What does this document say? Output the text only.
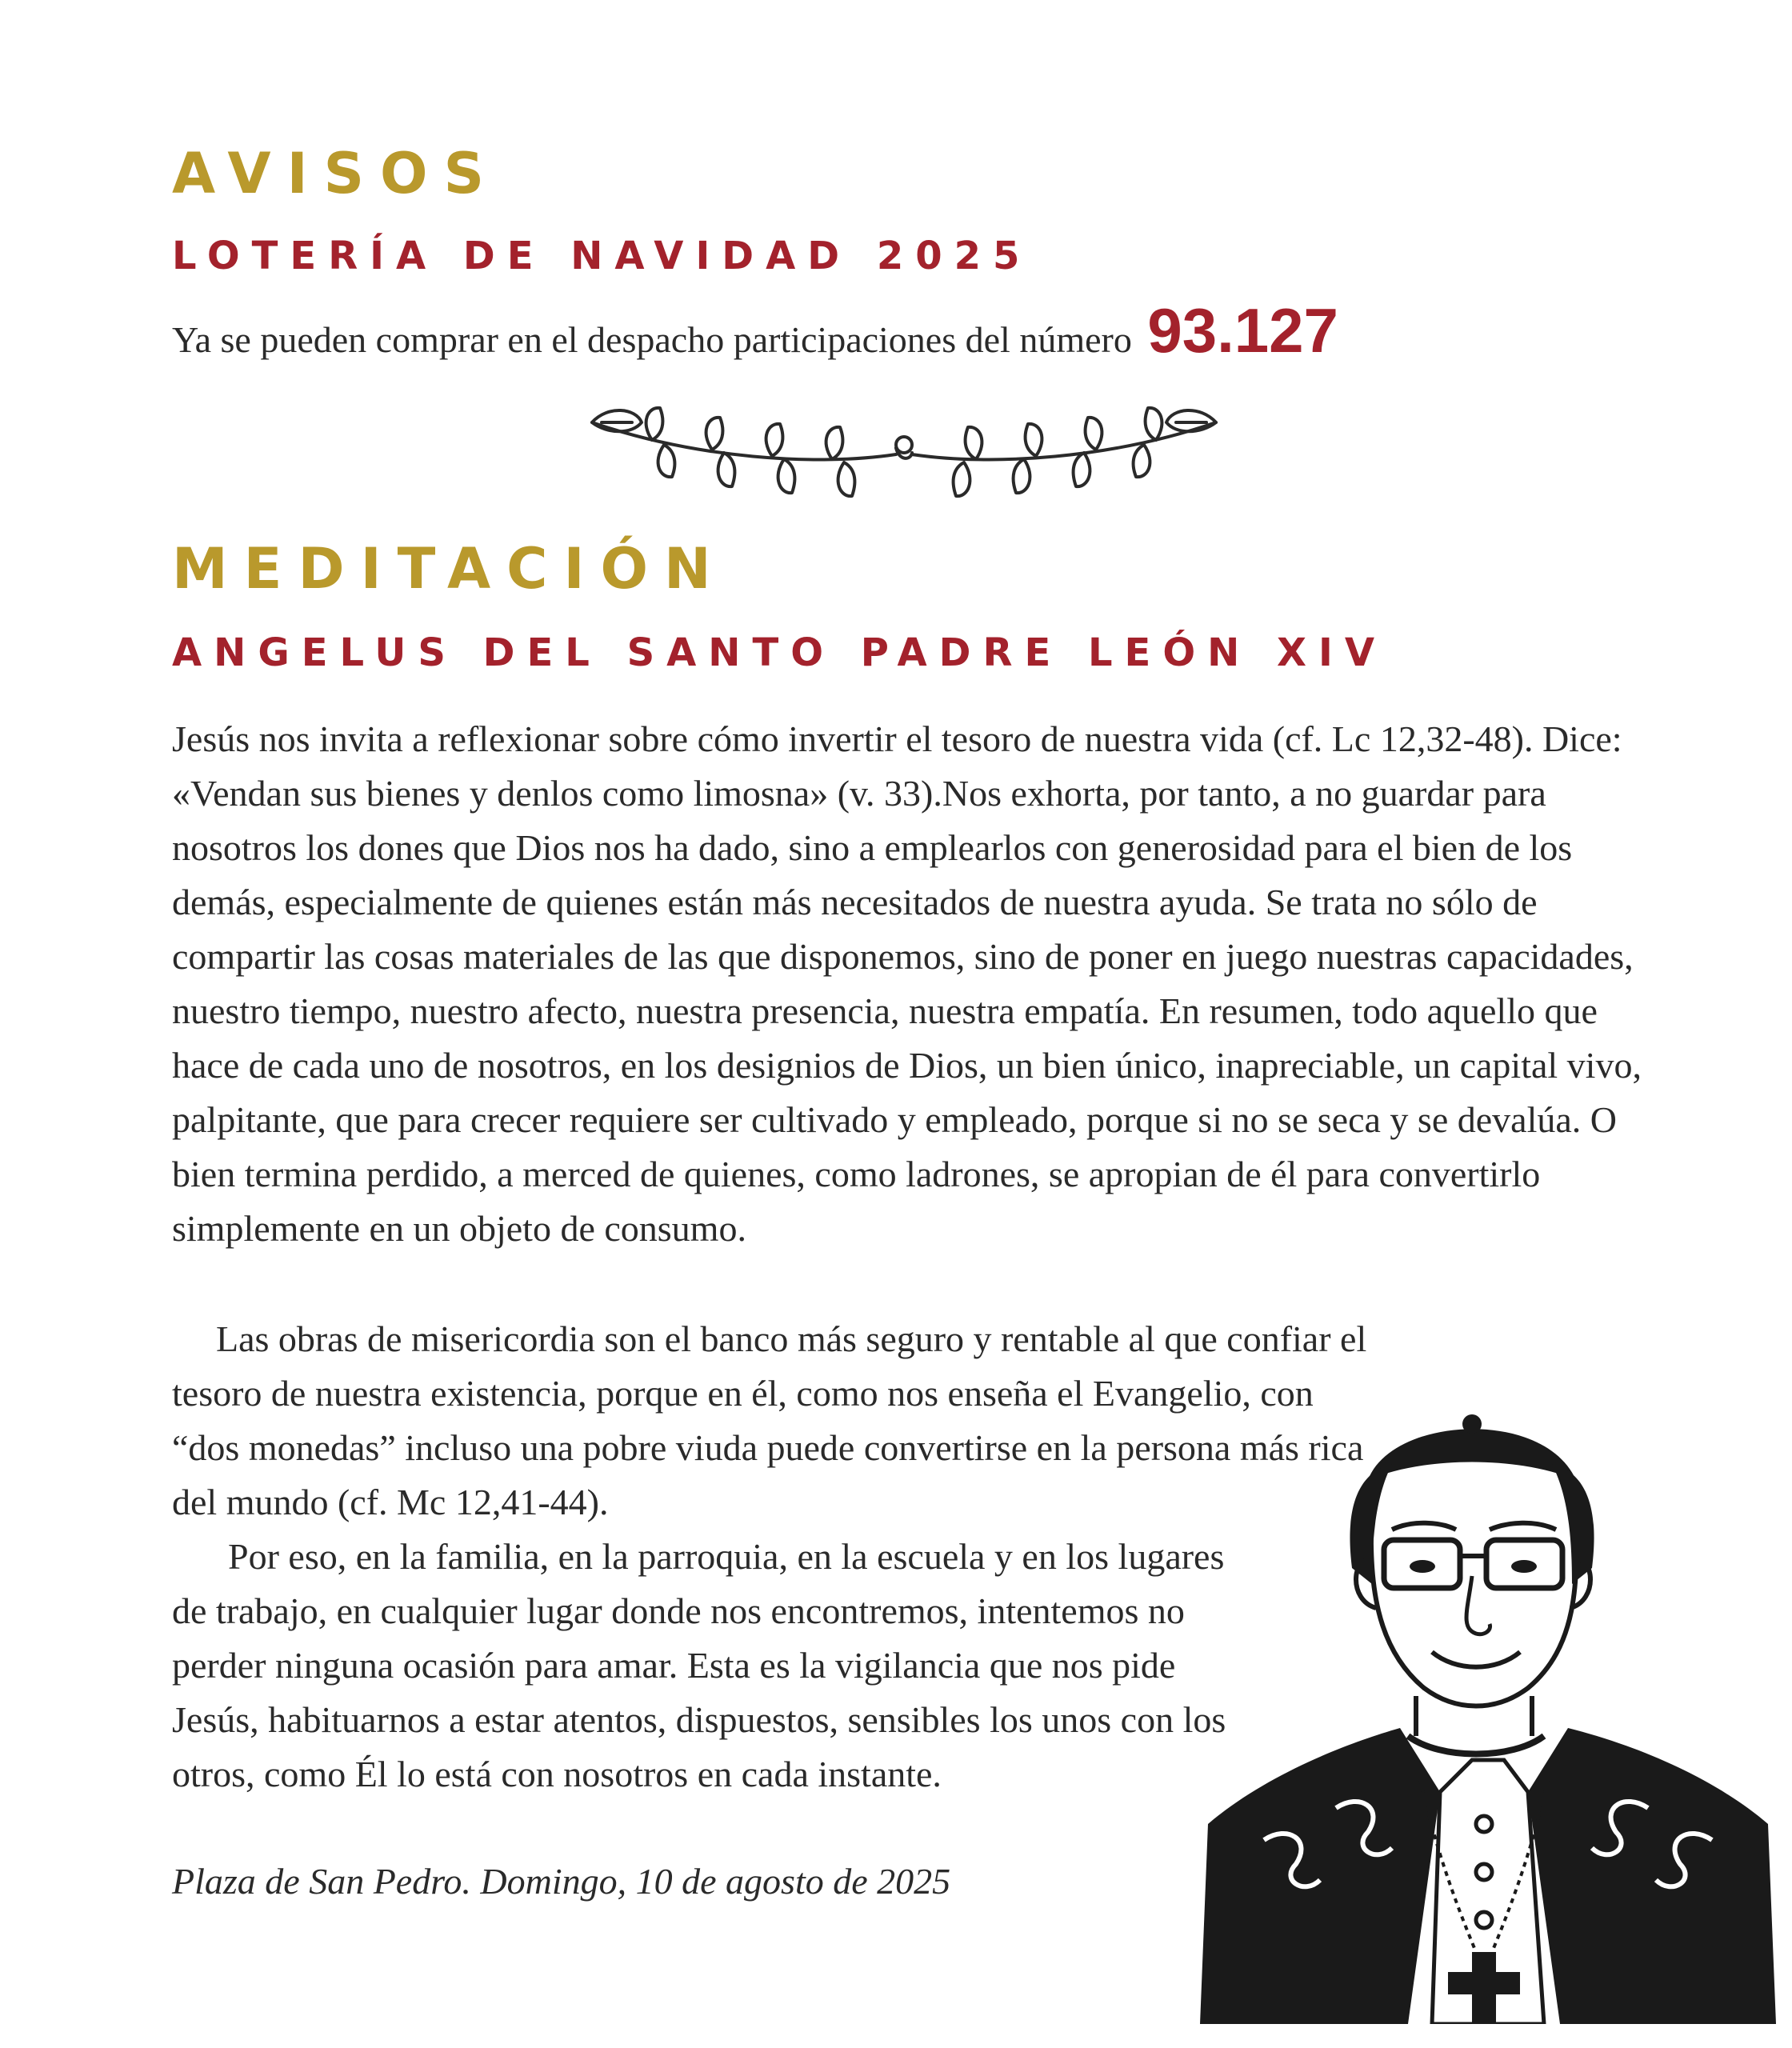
AVISOS
LOTERÍA DE NAVIDAD 2025
Ya se pueden comprar en el despacho participaciones del número 93.127
MEDITACIÓN
ANGELUS DEL SANTO PADRE LEÓN XIV

Jesús nos invita a reflexionar sobre cómo invertir el tesoro de nuestra vida (cf. Lc 12,32-48). Dice: «Vendan sus bienes y denlos como limosna» (v. 33).Nos exhorta, por tanto, a no guardar para nosotros los dones que Dios nos ha dado, sino a emplearlos con generosidad para el bien de los demás, especialmente de quienes están más necesitados de nuestra ayuda. Se trata no sólo de compartir las cosas materiales de las que disponemos, sino de poner en juego nuestras capacidades, nuestro tiempo, nuestro afecto, nuestra presencia, nuestra empatía. En resumen, todo aquello que hace de cada uno de nosotros, en los designios de Dios, un bien único, inapreciable, un capital vivo, palpitante, que para crecer requiere ser cultivado y empleado, porque si no se seca y se devalúa. O bien termina perdido, a merced de quienes, como ladrones, se apropian de él para convertirlo simplemente en un objeto de consumo.

Las obras de misericordia son el banco más seguro y rentable al que confiar el tesoro de nuestra existencia, porque en él, como nos enseña el Evangelio, con “dos monedas” incluso una pobre viuda puede convertirse en la persona más rica del mundo (cf. Mc 12,41-44).

Por eso, en la familia, en la parroquia, en la escuela y en los lugares de trabajo, en cualquier lugar donde nos encontremos, intentemos no perder ninguna ocasión para amar. Esta es la vigilancia que nos pide Jesús, habituarnos a estar atentos, dispuestos, sensibles los unos con los otros, como Él lo está con nosotros en cada instante.

Plaza de San Pedro. Domingo, 10 de agosto de 2025
